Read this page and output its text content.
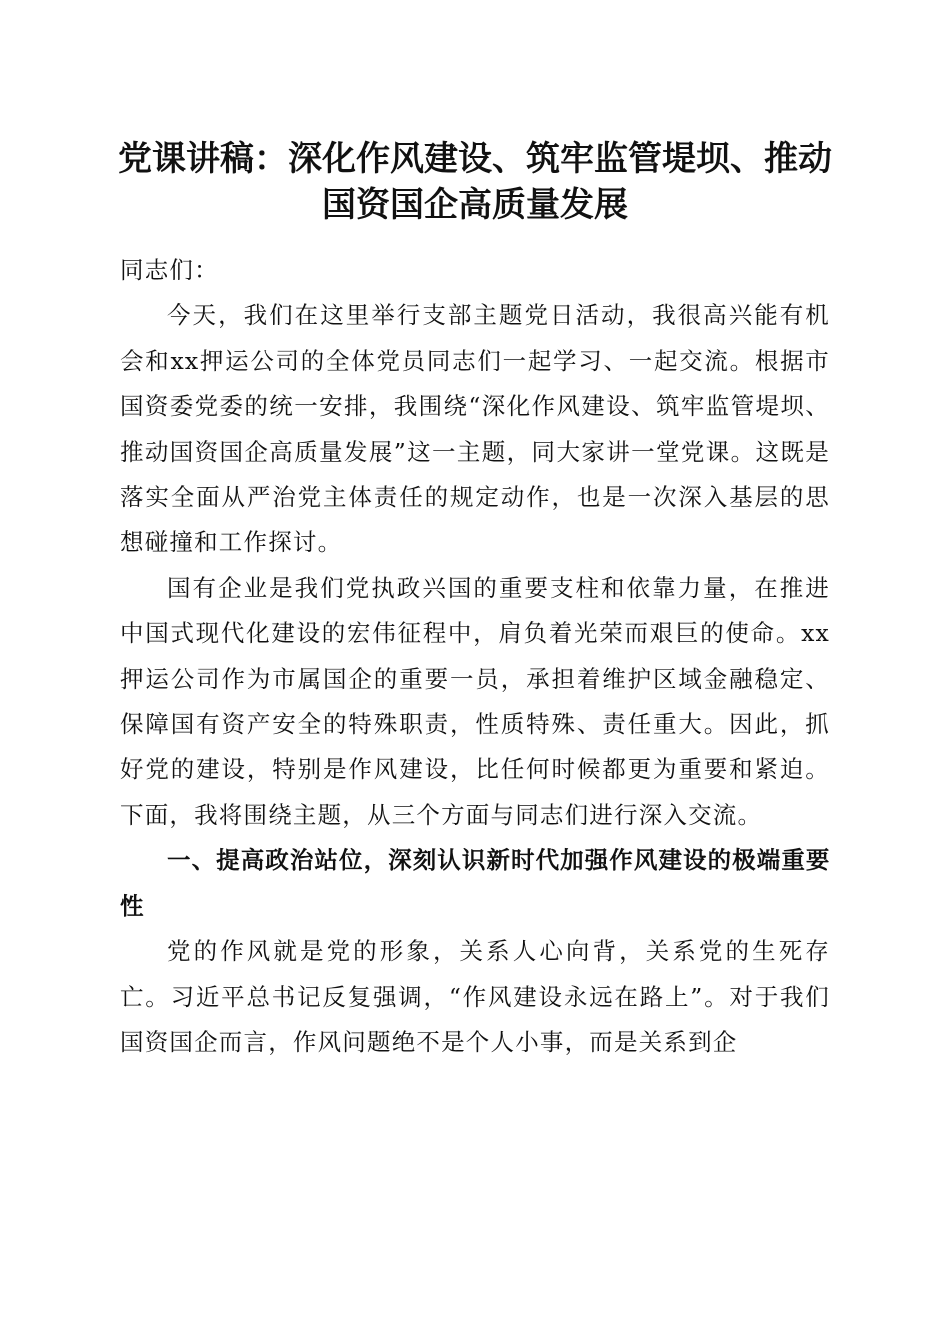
党课讲稿：深化作风建设、筑牢监管堤坝、推动国资国企高质量发展

同志们：

今天，我们在这里举行支部主题党日活动，我很高兴能有机会和xx押运公司的全体党员同志们一起学习、一起交流。根据市国资委党委的统一安排，我围绕“深化作风建设、筑牢监管堤坝、推动国资国企高质量发展”这一主题，同大家讲一堂党课。这既是落实全面从严治党主体责任的规定动作，也是一次深入基层的思想碰撞和工作探讨。

国有企业是我们党执政兴国的重要支柱和依靠力量，在推进中国式现代化建设的宏伟征程中，肩负着光荣而艰巨的使命。xx押运公司作为市属国企的重要一员，承担着维护区域金融稳定、保障国有资产安全的特殊职责，性质特殊、责任重大。因此，抓好党的建设，特别是作风建设，比任何时候都更为重要和紧迫。下面，我将围绕主题，从三个方面与同志们进行深入交流。

一、提高政治站位，深刻认识新时代加强作风建设的极端重要性

党的作风就是党的形象，关系人心向背，关系党的生死存亡。习近平总书记反复强调，“作风建设永远在路上”。对于我们国资国企而言，作风问题绝不是个人小事，而是关系到企
